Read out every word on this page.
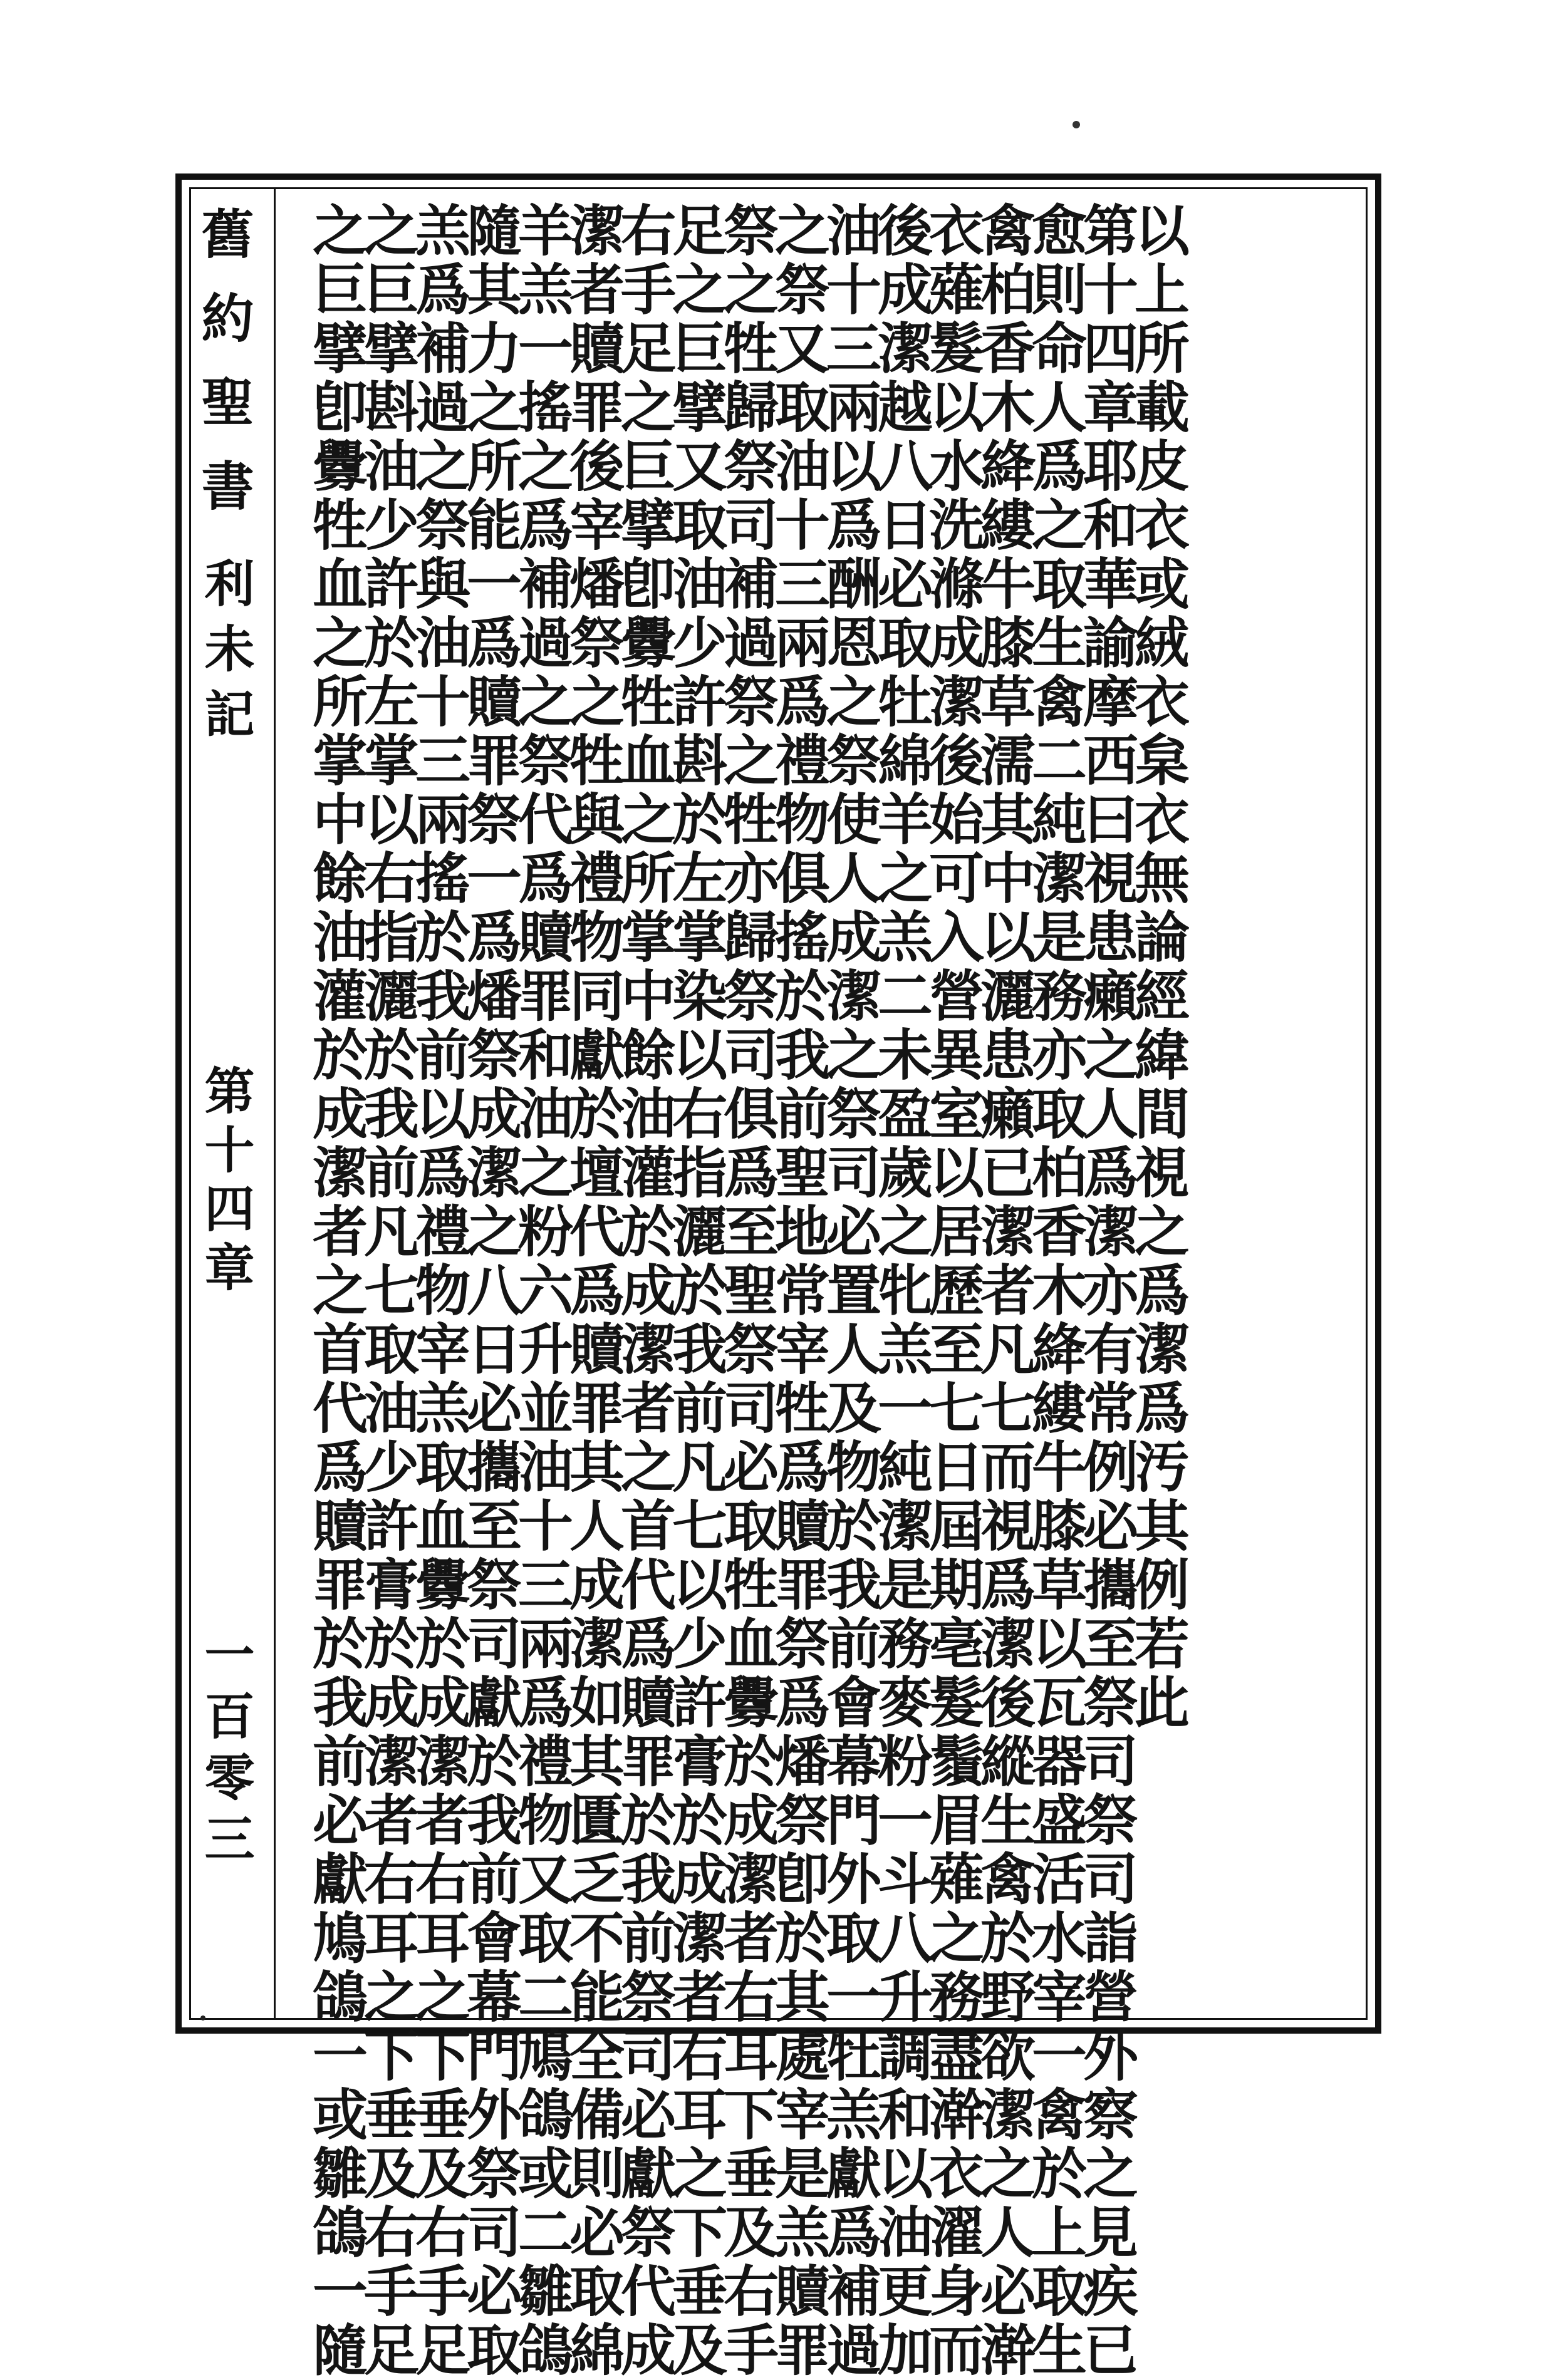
舊約聖書
利未記
第十四章
一百零三
以上所載皮衣或絨衣枲衣無論經緯間視之爲潔爲汚其例若此
第十四章耶和華諭摩西曰視患癩之人爲潔亦有常例必攜至祭司祭司詣營外察之見疾已
愈則命人爲之取生禽二純潔是務亦取柏香木絳縷牛膝草以瓦器盛活水宰一禽於上取生
禽柏香木絳縷牛膝草濡其中以灑患癩已潔者凡七而視爲潔後縱生禽於野欲潔之人必澣
衣薙髮以水洗滌成潔後始可入營異室以居歷至七日屆期亳髮鬚眉薙之務盡澣衣濯身而
後成潔越八日必取牡綿羊之羔二未盈歲之牝羔一純潔是務麥粉一斗八升調和以油更加
油十三兩以爲酬恩之祭使人成潔之祭司必置人及物於我前會幕門外取一牡羔獻爲補過
之祭又取油十三兩爲禮物俱搖於我前聖地常宰牲爲贖罪祭爲燔祭卽於其處宰是羔贖罪
祭之牲歸祭司補過祭之牲亦歸祭司俱爲至聖祭司必取牲血釁於成潔者右耳下垂及右手
足之巨擘又取油少許斟於左掌染以右指灑於我前凡七以少許膏於成潔者右耳之下垂及
右手足之巨擘卽釁牲血之所掌中餘油灌於成潔者之首代爲贖罪於我前祭司必獻祭代成
潔者贖罪後宰燔祭之牲與禮物同獻於壇代爲贖罪其人成潔如其匱乏不能全備則必取綿
羊羔一搖之爲補過之祭代爲贖罪和油之粉六升並油十三兩爲禮物又取二鳩鴿或二雛鴿
隨其力之所能一爲贖罪祭一爲燔祭成潔之八日必攜至祭司獻於我前會幕門外祭司必取
羔爲補過之祭與油十三兩搖於我前以爲禮物宰羔取血釁於成潔者右耳之下垂及右手足
之巨擘斟油少許於左掌以右指灑於我前凡七取油少許膏於成潔者右耳之下垂及右手足
之巨擘卽釁牲血之所掌中餘油灌於成潔者之首代爲贖罪於我前必獻鳩鴿一或雛鴿一隨
